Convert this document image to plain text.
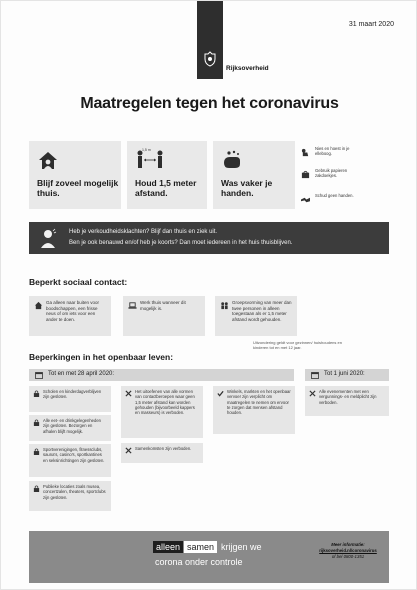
31 maart 2020
Rijksoverheid
Maatregelen tegen het coronavirus
Blijf zoveel mogelijk thuis.
1,5 m
Houd 1,5 meter afstand.
Was vaker je handen.
Nies en hoest in je elleboog.
Gebruik papieren zakdoekjes.
Schud geen handen.
Heb je verkoudheidsklachten? Blijf dan thuis en ziek uit.
Ben je ook benauwd en/of heb je koorts? Dan moet iedereen in het huis thuisblijven.
Beperkt sociaal contact:
Ga alleen naar buiten voor boodschappen, een frisse neus of om iets voor een ander te doen.
Werk thuis wanneer dit mogelijk is.
Groepsvorming van meer dan twee personen in alleen toegestaan als er 1,5 meter afstand wordt gehouden.
Uitzondering geldt voor gezinnen/ huishoudens en kinderen tot en met 12 jaar.
Beperkingen in het openbaar leven:
Tot en met 28 april 2020:	Tot 1 juni 2020:
Scholen en kinderdagverblijven zijn gesloten.
Alle eet- en drinkgelegenheden zijn gesloten. Bezorgen en afhalen blijft mogelijk.
Sportverenigingen, fitnessclubs, sauna's, casino's, sportkantines en seksinrichtingen zijn gesloten.
Publieke locaties zoals musea, concertzalen, theaters, sportclubs zijn gesloten.
Het uitoefenen van alle vormen van contactberoepen waar geen 1,5 meter afstand kan worden gehouden (bijvoorbeeld kappers en masseurs) is verboden.
Samenkomsten zijn verboden.
Winkels, markten en het openbaar vervoer zijn verplicht om maatregelen te nemen om ervoor te zorgen dat mensen afstand houden.
Alle evenementen met een vergunnings- en meldplicht zijn verboden.
alleen samen krijgen we
corona onder controle
Meer informatie:
rijksoverheid.nl/coronavirus
of bel 0800-1351
